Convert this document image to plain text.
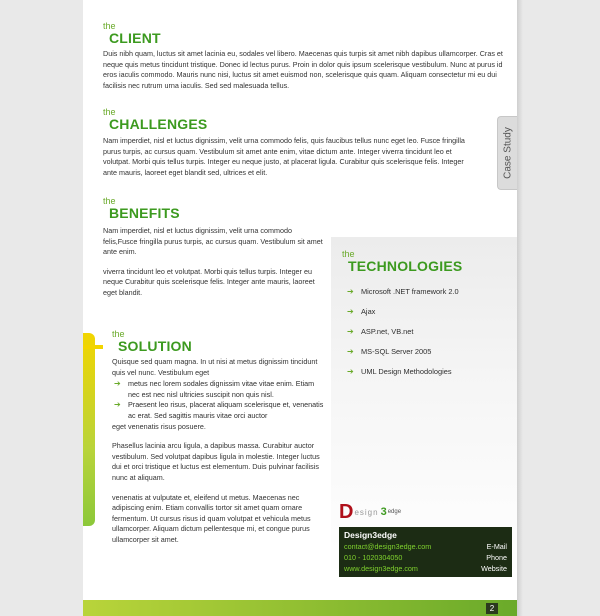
the
CLIENT

Duis nibh quam, luctus sit amet lacinia eu, sodales vel libero. Maecenas quis turpis sit amet nibh dapibus ullamcorper. Cras et neque quis metus tincidunt tristique. Donec id lectus purus. Proin in dolor quis ipsum scelerisque vestibulum. Nunc at purus id eros iaculis commodo. Mauris nunc nisi, luctus sit amet euismod non, scelerisque quis quam. Aliquam consectetur mi eu dui facilisis nec rutrum urna iaculis. Sed sed malesuada tellus.

the
CHALLENGES

Nam imperdiet, nisl et luctus dignissim, velit urna commodo felis, quis faucibus tellus nunc eget leo. Fusce fringilla purus turpis, ac cursus quam. Vestibulum sit amet ante enim, vitae dictum ante. Integer viverra tincidunt leo et volutpat. Morbi quis tellus turpis. Integer eu neque justo, at placerat ligula. Curabitur quis scelerisque felis. Integer ante mauris, laoreet eget blandit sed, ultrices et elit.	Case Study
the
BENEFITS

Nam imperdiet, nisl et luctus dignissim, velit urna commodo felis,Fusce fringilla purus turpis, ac cursus quam. Vestibulum sit amet ante enim.

viverra tincidunt leo et volutpat. Morbi quis tellus turpis. Integer eu neque Curabitur quis scelerisque felis. Integer ante mauris, laoreet eget blandit.

the
TECHNOLOGIES
➔ Microsoft .NET framework 2.0
➔ Ajax
➔ ASP.net, VB.net
➔ MS-SQL Server 2005
➔ UML Design Methodologies
the
SOLUTION

Quisque sed quam magna. In ut nisi at metus dignissim tincidunt quis vel nunc. Vestibulum eget

➔	metus nec lorem sodales dignissim vitae vitae enim. Etiam nec est nec nisl ultricies suscipit non quis nisl.
➔	Praesent leo risus, placerat aliquam scelerisque et, venenatis ac erat. Sed sagittis mauris vitae orci auctor

eget venenatis risus posuere.

Phasellus lacinia arcu ligula, a dapibus massa. Curabitur auctor vestibulum. Sed volutpat dapibus ligula in molestie. Integer luctus dui et orci tristique et luctus est elementum. Duis pulvinar facilisis nunc at aliquam.

venenatis at vulputate et, eleifend ut metus. Maecenas nec adipiscing enim. Etiam convallis tortor sit amet quam ornare fermentum. Ut cursus risus id quam volutpat et vehicula metus ullamcorper. Aliquam dictum pellentesque mi, et congue purus ullamcorper sit amet.

D esign 3 edge
Design3edge
contact@design3edge.com	E-Mail
010 - 1020304050	Phone
www.design3edge.com	Website
2
